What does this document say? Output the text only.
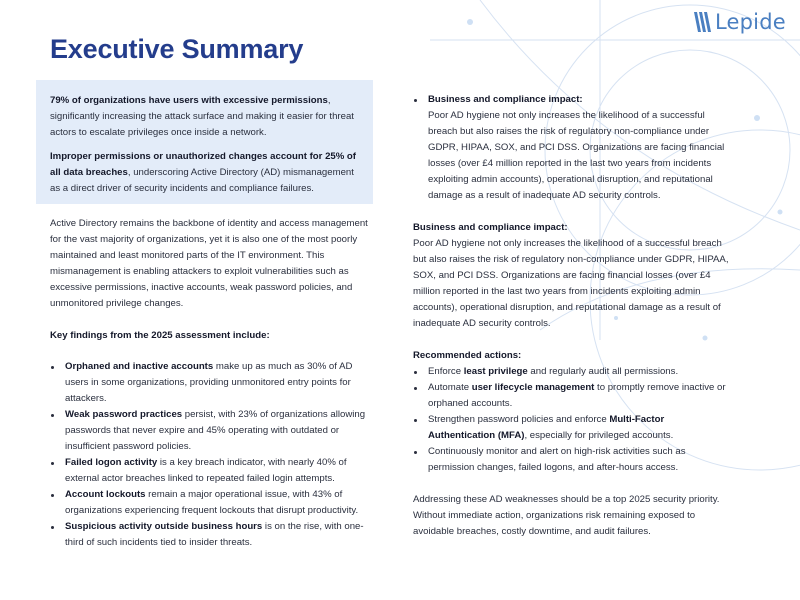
Lepide
Executive Summary

79% of organizations have users with excessive permissions, significantly increasing the attack surface and making it easier for threat actors to escalate privileges once inside a network.

Improper permissions or unauthorized changes account for 25% of all data breaches, underscoring Active Directory (AD) mismanagement as a direct driver of security incidents and compliance failures.

Active Directory remains the backbone of identity and access management for the vast majority of organizations, yet it is also one of the most poorly maintained and least monitored parts of the IT environment. This mismanagement is enabling attackers to exploit vulnerabilities such as excessive permissions, inactive accounts, weak password policies, and unmonitored privilege changes.

Key findings from the 2025 assessment include:

Orphaned and inactive accounts make up as much as 30% of AD users in some organizations, providing unmonitored entry points for attackers.
Weak password practices persist, with 23% of organizations allowing passwords that never expire and 45% operating with outdated or insufficient password policies.
Failed logon activity is a key breach indicator, with nearly 40% of external actor breaches linked to repeated failed login attempts.
Account lockouts remain a major operational issue, with 43% of organizations experiencing frequent lockouts that disrupt productivity.
Suspicious activity outside business hours is on the rise, with one-third of such incidents tied to insider threats.
Business and compliance impact:

Poor AD hygiene not only increases the likelihood of a successful breach but also raises the risk of regulatory non-compliance under GDPR, HIPAA, SOX, and PCI DSS. Organizations are facing financial losses (over £4 million reported in the last two years from incidents exploiting admin accounts), operational disruption, and reputational damage as a result of inadequate AD security controls.

Business and compliance impact:

Poor AD hygiene not only increases the likelihood of a successful breach but also raises the risk of regulatory non-compliance under GDPR, HIPAA, SOX, and PCI DSS. Organizations are facing financial losses (over £4 million reported in the last two years from incidents exploiting admin accounts), operational disruption, and reputational damage as a result of inadequate AD security controls.

Recommended actions:

Enforce least privilege and regularly audit all permissions.
Automate user lifecycle management to promptly remove inactive or orphaned accounts.
Strengthen password policies and enforce Multi-Factor Authentication (MFA), especially for privileged accounts.
Continuously monitor and alert on high-risk activities such as permission changes, failed logons, and after-hours access.

Addressing these AD weaknesses should be a top 2025 security priority. Without immediate action, organizations risk remaining exposed to avoidable breaches, costly downtime, and audit failures.
